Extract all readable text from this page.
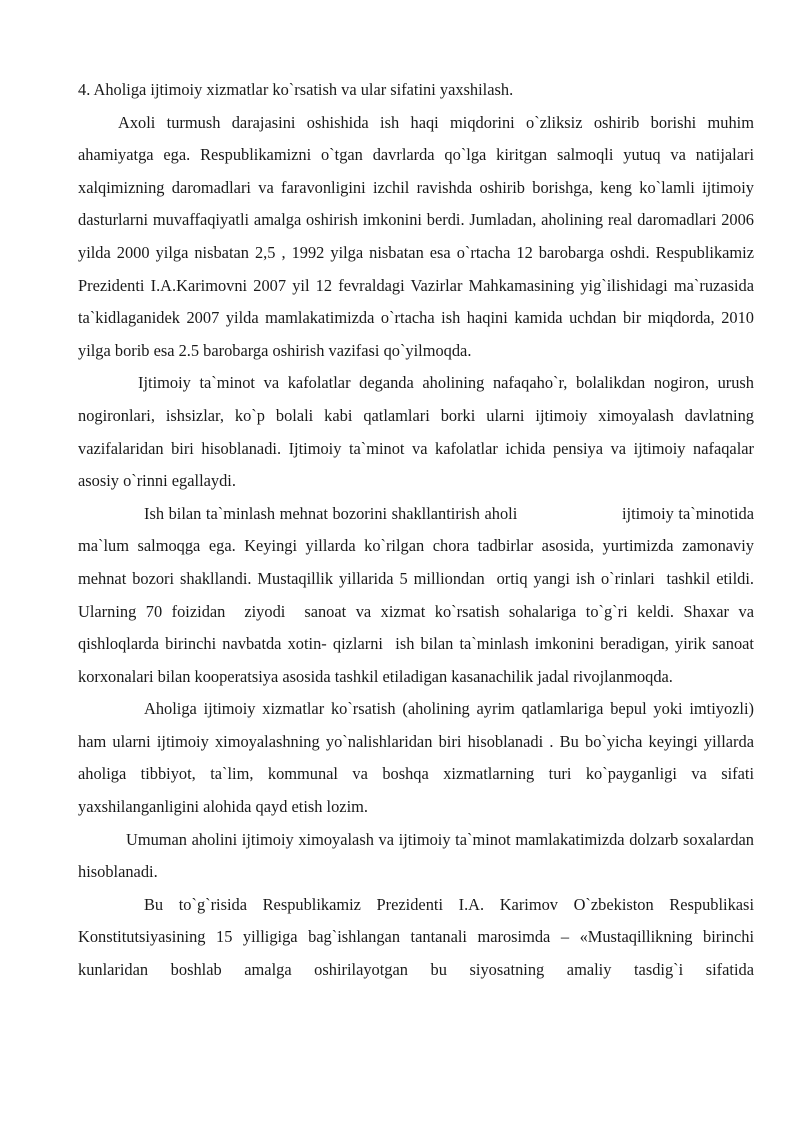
4. Aholiga ijtimoiy xizmatlar ko`rsatish va ular sifatini yaxshilash.

Axoli turmush darajasini oshishida ish haqi miqdorini o`zliksiz oshirib borishi muhim ahamiyatga ega. Respublikamizni o`tgan davrlarda qo`lga kiritgan salmoqli yutuq va natijalari xalqimizning daromadlari va faravonligini izchil ravishda oshirib borishga, keng ko`lamli ijtimoiy dasturlarni muvaffaqiyatli amalga oshirish imkonini berdi. Jumladan, aholining real daromadlari 2006 yilda 2000 yilga nisbatan 2,5 , 1992 yilga nisbatan esa o`rtacha 12 barobarga oshdi. Respublikamiz Prezidenti I.A.Karimovni 2007 yil 12 fevraldagi Vazirlar Mahkamasining yig`ilishidagi ma`ruzasida ta`kidlaganidek 2007 yilda mamlakatimizda o`rtacha ish haqini kamida uchdan bir miqdorda, 2010 yilga borib esa 2.5 barobarga oshirish vazifasi qo`yilmoqda.

Ijtimoiy ta`minot va kafolatlar deganda aholining nafaqaho`r, bolalikdan nogiron, urush nogironlari, ishsizlar, ko`p bolali kabi qatlamlari borki ularni ijtimoiy ximoyalash davlatning vazifalaridan biri hisoblanadi. Ijtimoiy ta`minot va kafolatlar ichida pensiya va ijtimoiy nafaqalar asosiy o`rinni egallaydi.

Ish bilan ta`minlash mehnat bozorini shakllantirish aholi                       ijtimoiy ta`minotida ma`lum salmoqga ega. Keyingi yillarda ko`rilgan chora tadbirlar asosida, yurtimizda zamonaviy  mehnat bozori shakllandi. Mustaqillik yillarida 5 milliondan  ortiq yangi ish o`rinlari  tashkil etildi. Ularning 70 foizidan  ziyodi  sanoat va xizmat ko`rsatish sohalariga to`g`ri keldi. Shaxar va qishloqlarda birinchi navbatda xotin- qizlarni  ish bilan ta`minlash imkonini beradigan, yirik sanoat korxonalari bilan kooperatsiya asosida tashkil etiladigan kasanachilik jadal rivojlanmoqda.

Aholiga ijtimoiy xizmatlar ko`rsatish (aholining ayrim qatlamlariga bepul yoki imtiyozli) ham ularni ijtimoiy ximoyalashning yo`nalishlaridan biri hisoblanadi . Bu bo`yicha keyingi yillarda aholiga tibbiyot, ta`lim, kommunal va boshqa xizmatlarning turi ko`payganligi va sifati yaxshilanganligini alohida qayd etish lozim.

Umuman aholini ijtimoiy ximoyalash va ijtimoiy ta`minot mamlakatimizda dolzarb soxalardan hisoblanadi.

Bu to`g`risida Respublikamiz Prezidenti I.A. Karimov O`zbekiston Respublikasi Konstitutsiyasining 15 yilligiga bag`ishlangan tantanali marosimda – «Mustaqillikning birinchi kunlaridan boshlab amalga oshirilayotgan bu siyosatning amaliy tasdig`i sifatida
